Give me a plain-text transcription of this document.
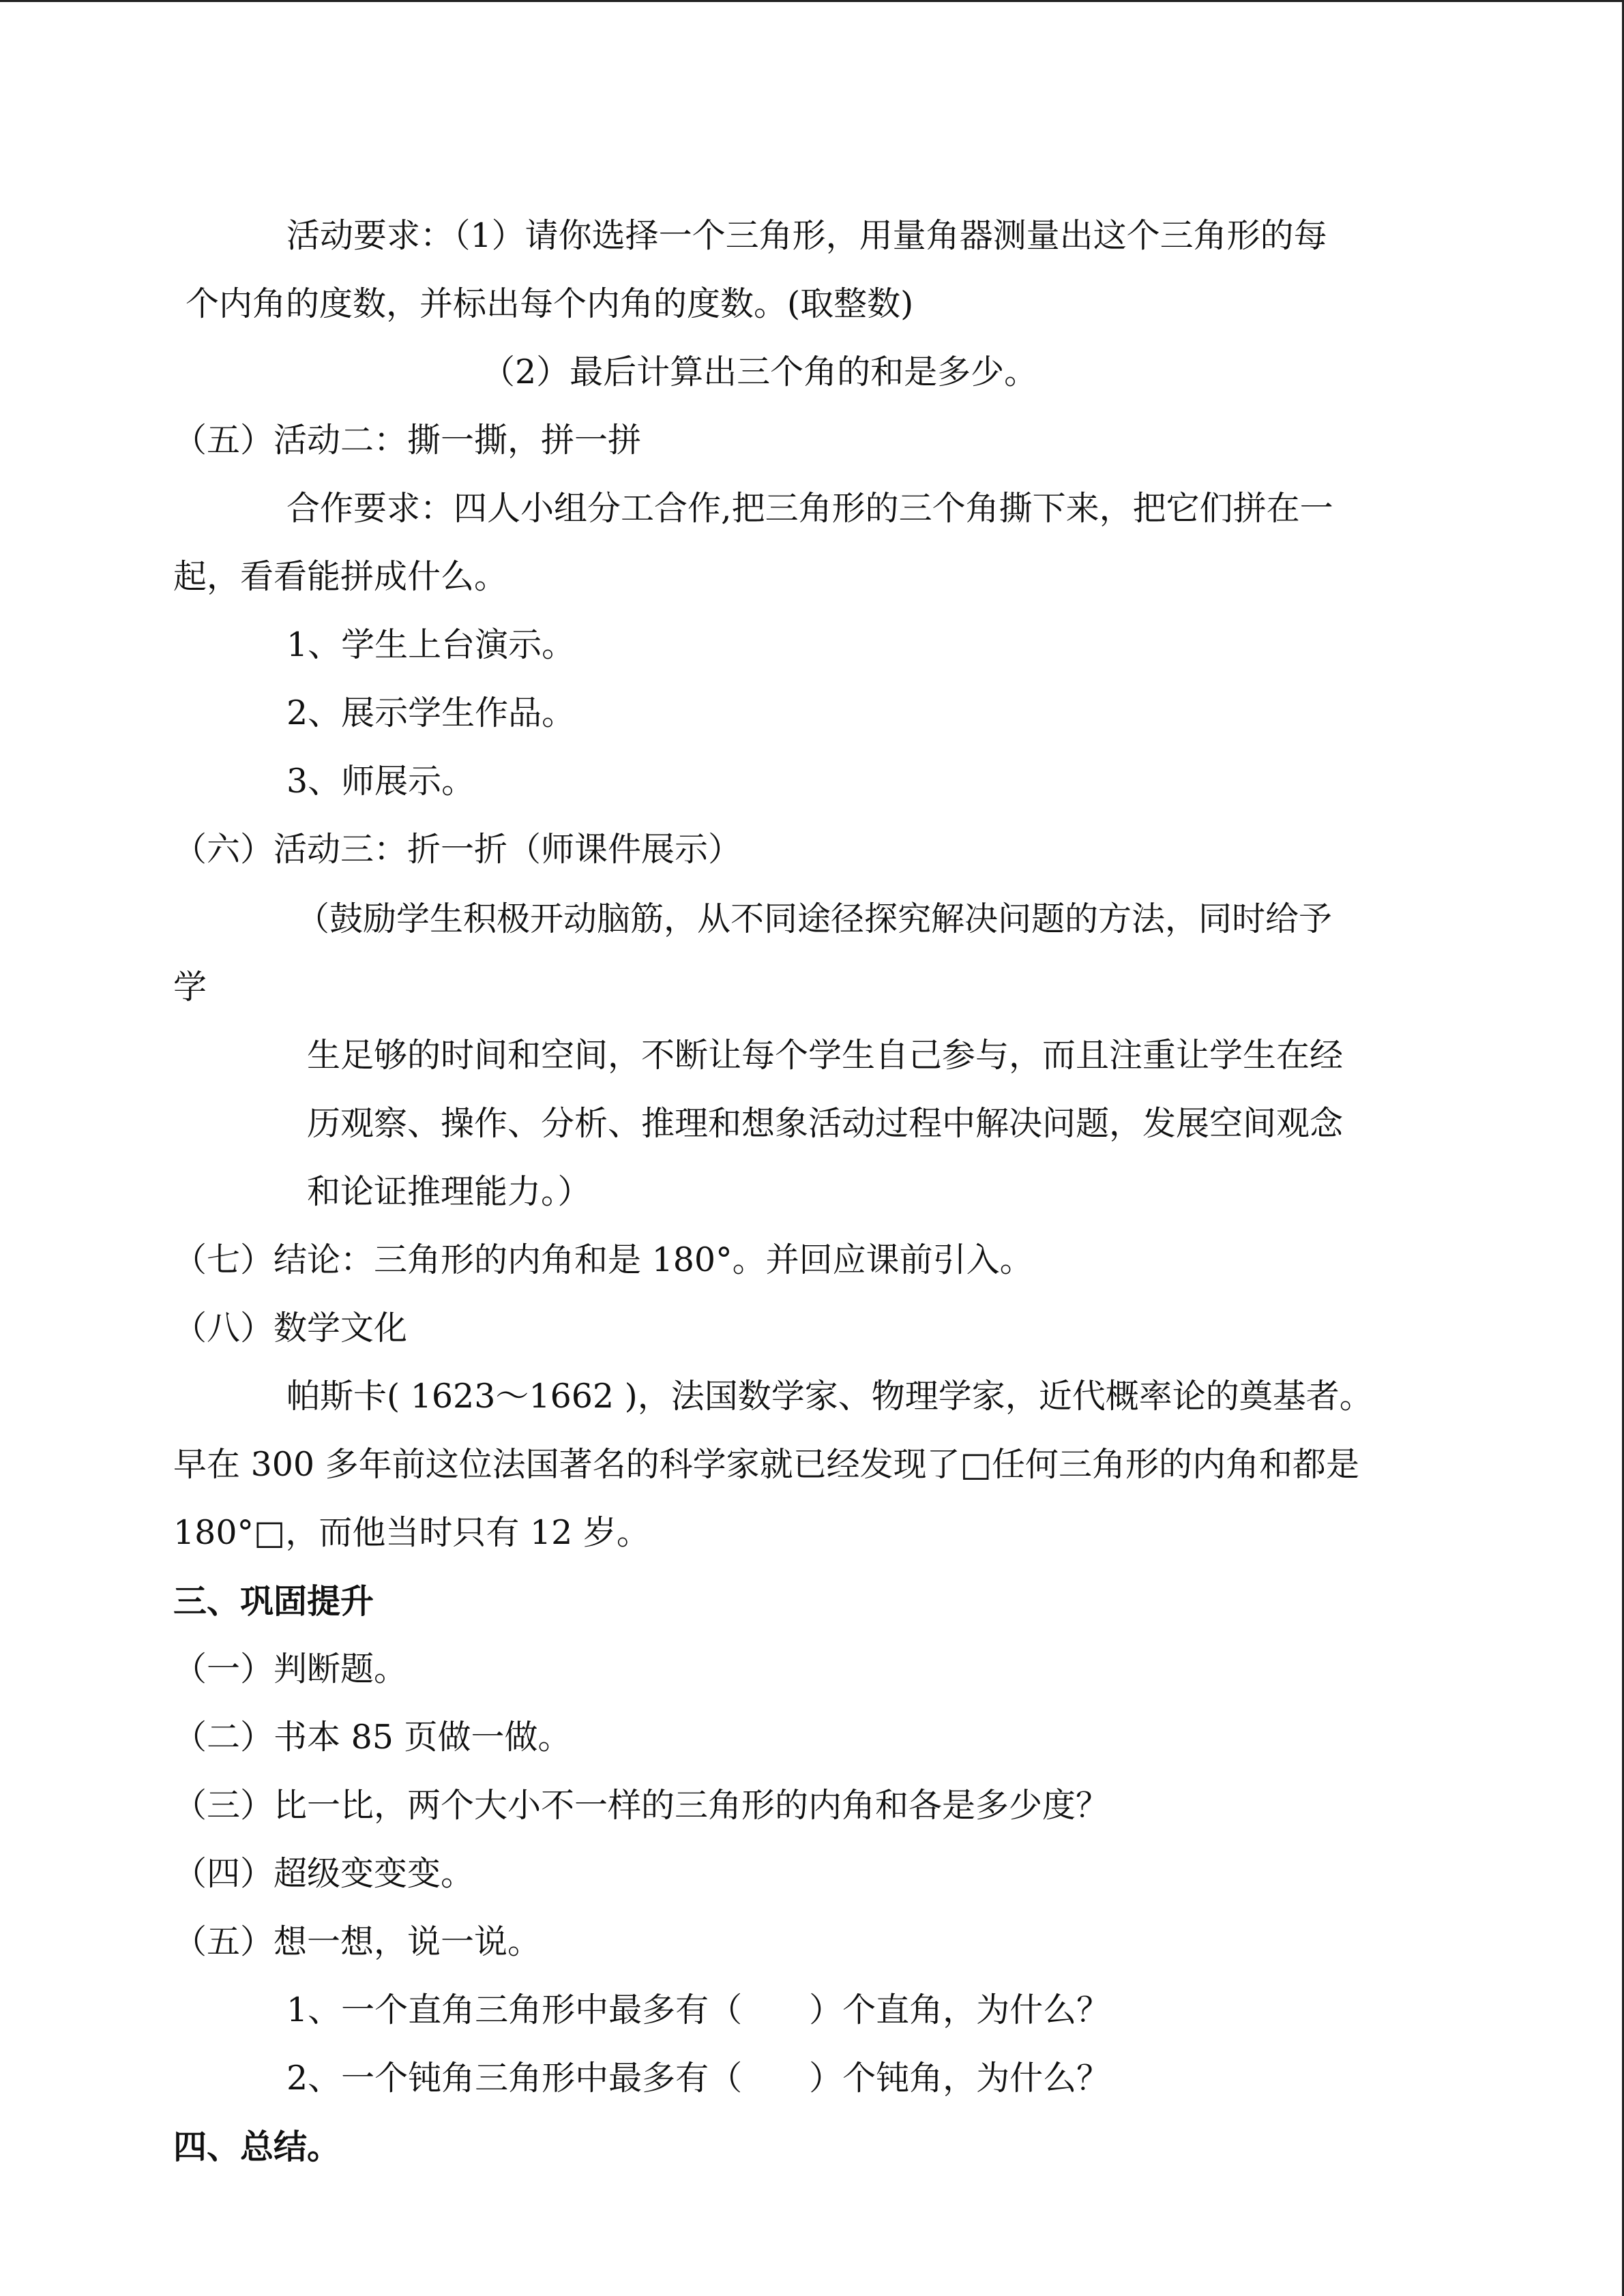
活动要求：（1）请你选择一个三角形，用量角器测量出这个三角形的每
个内角的度数，并标出每个内角的度数。(取整数)
（2）最后计算出三个角的和是多少。
（五）活动二：撕一撕，拼一拼
合作要求：四人小组分工合作,把三角形的三个角撕下来，把它们拼在一
起，看看能拼成什么。
1、学生上台演示。
2、展示学生作品。
3、师展示。
（六）活动三：折一折（师课件展示）
（鼓励学生积极开动脑筋，从不同途径探究解决问题的方法，同时给予
学
生足够的时间和空间，不断让每个学生自己参与，而且注重让学生在经
历观察、操作、分析、推理和想象活动过程中解决问题，发展空间观念
和论证推理能力。）
（七）结论：三角形的内角和是 180°。并回应课前引入。
（八）数学文化
帕斯卡( 1623～1662 )，法国数学家、物理学家，近代概率论的奠基者。
早在 300 多年前这位法国著名的科学家就已经发现了□任何三角形的内角和都是
180°□，而他当时只有 12 岁。
三、巩固提升
（一）判断题。
（二）书本 85 页做一做。
（三）比一比，两个大小不一样的三角形的内角和各是多少度？
（四）超级变变变。
（五）想一想，说一说。
1、一个直角三角形中最多有（　　）个直角，为什么？
2、一个钝角三角形中最多有（　　）个钝角，为什么？
四、总结。
